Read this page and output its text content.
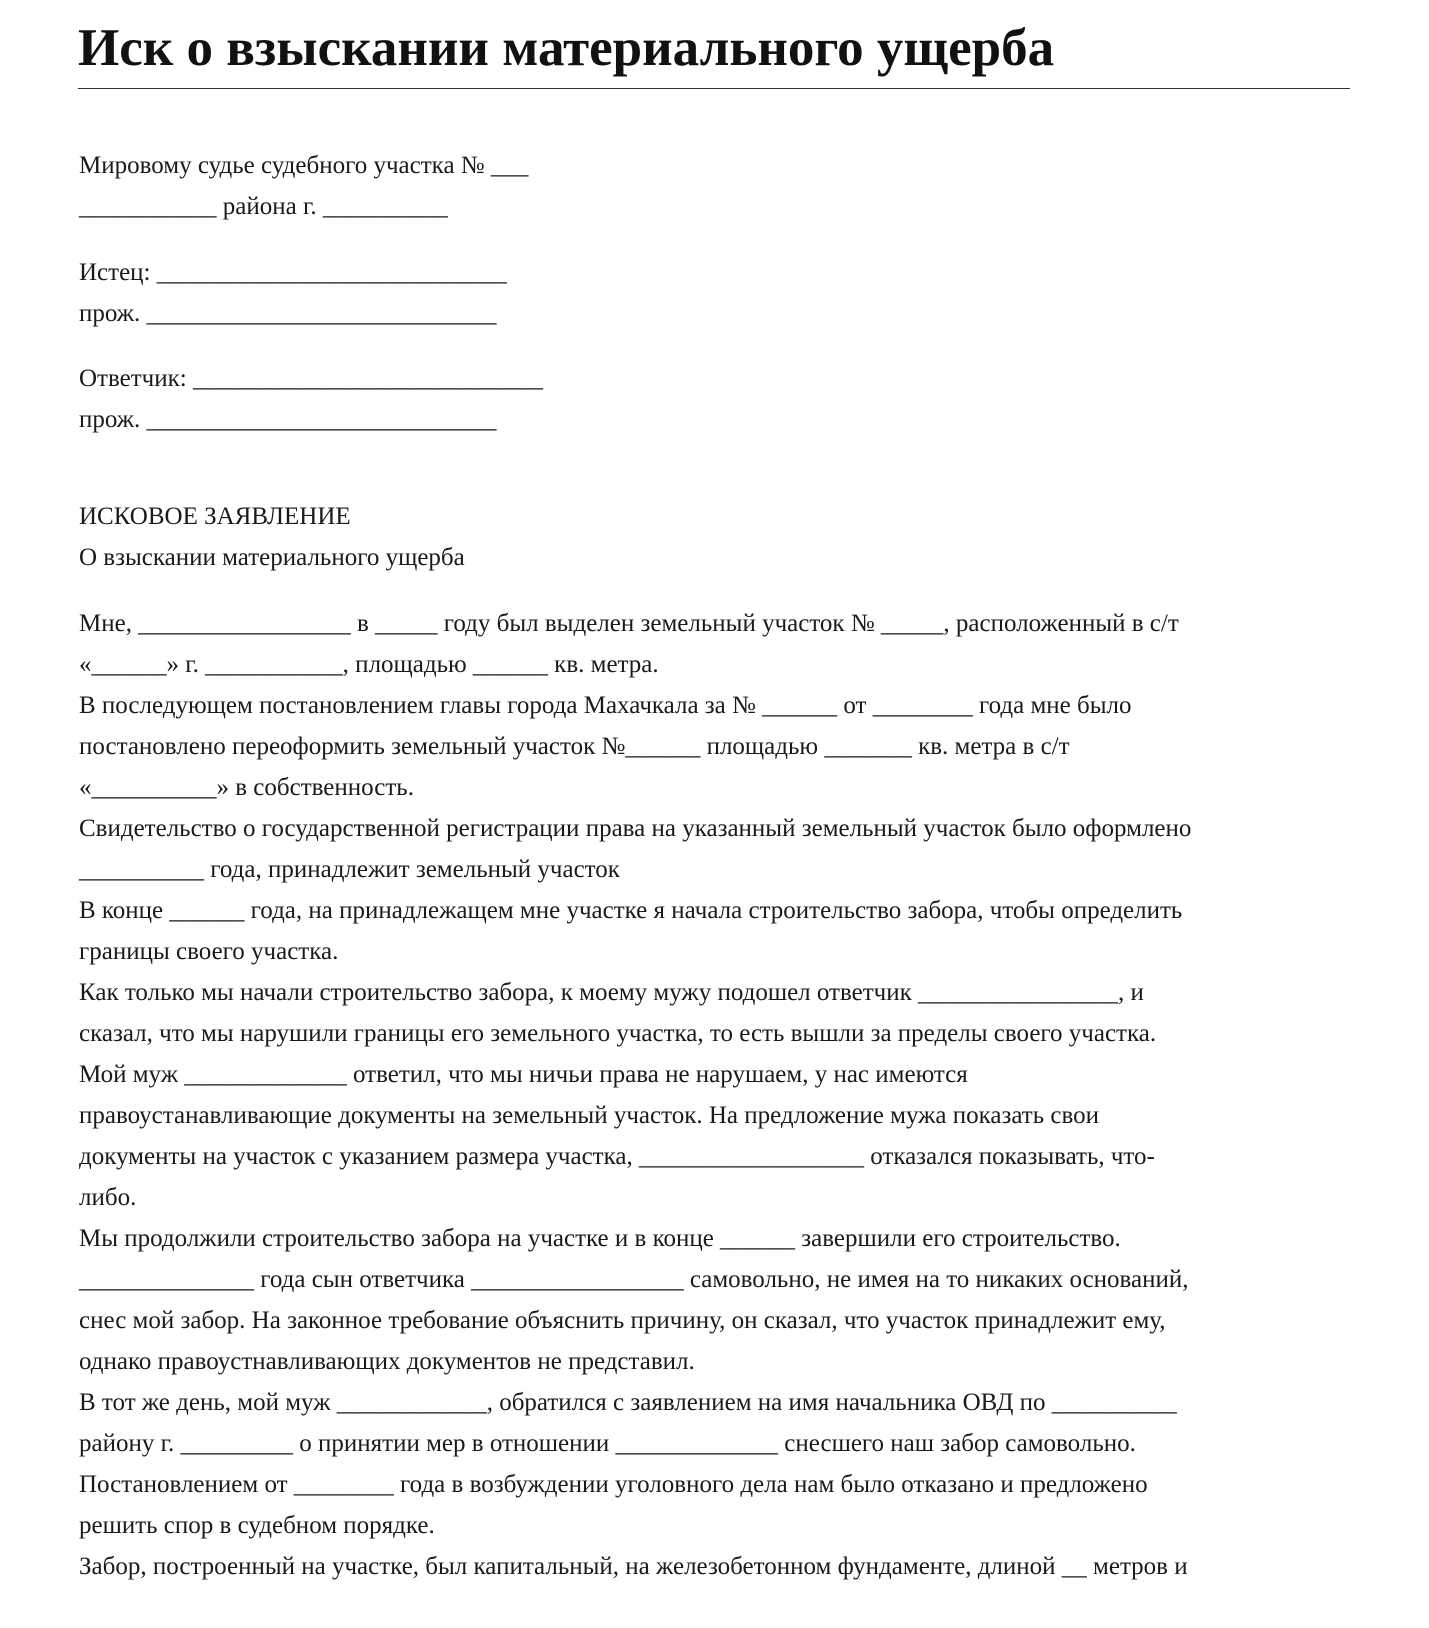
Иск о взыскании материального ущерба
Мировому судье судебного участка № ___
___________ района г. __________
Истец: ____________________________
прож. ____________________________
Ответчик: ____________________________
прож. ____________________________
ИСКОВОЕ ЗАЯВЛЕНИЕ
О взыскании материального ущерба
Мне, _________________ в _____ году был выделен земельный участок № _____, расположенный в с/т
«______» г. ___________, площадью ______ кв. метра.
В последующем постановлением главы города Махачкала за № ______ от ________ года мне было
постановлено переоформить земельный участок №______ площадью _______ кв. метра в с/т
«__________» в собственность.
Свидетельство о государственной регистрации права на указанный земельный участок было оформлено
__________ года, принадлежит земельный участок
В конце ______ года, на принадлежащем мне участке я начала строительство забора, чтобы определить
границы своего участка.
Как только мы начали строительство забора, к моему мужу подошел ответчик ________________, и
сказал, что мы нарушили границы его земельного участка, то есть вышли за пределы своего участка.
Мой муж _____________ ответил, что мы ничьи права не нарушаем, у нас имеются
правоустанавливающие документы на земельный участок. На предложение мужа показать свои
документы на участок с указанием размера участка, __________________ отказался показывать, что-
либо.
Мы продолжили строительство забора на участке и в конце ______ завершили его строительство.
______________ года сын ответчика _________________ самовольно, не имея на то никаких оснований,
снес мой забор. На законное требование объяснить причину, он сказал, что участок принадлежит ему,
однако правоустнавливающих документов не представил.
В тот же день, мой муж ____________, обратился с заявлением на имя начальника ОВД по __________
району г. _________ о принятии мер в отношении _____________ снесшего наш забор самовольно.
Постановлением от ________ года в возбуждении уголовного дела нам было отказано и предложено
решить спор в судебном порядке.
Забор, построенный на участке, был капитальный, на железобетонном фундаменте, длиной __ метров и
